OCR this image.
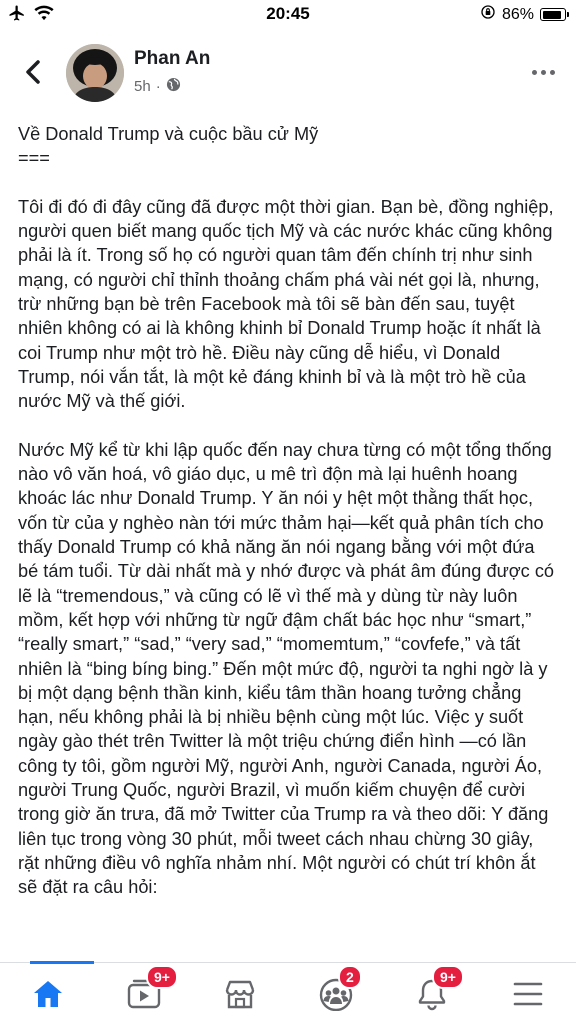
20:45	86%
Phan An
5h ·
Về Donald Trump và cuộc bầu cử Mỹ
===

Tôi đi đó đi đây cũng đã được một thời gian. Bạn bè, đồng nghiệp, người quen biết mang quốc tịch Mỹ và các nước khác cũng không phải là ít. Trong số họ có người quan tâm đến chính trị như sinh mạng, có người chỉ thỉnh thoảng chấm phá vài nét gọi là, nhưng, trừ những bạn bè trên Facebook mà tôi sẽ bàn đến sau, tuyệt nhiên không có ai là không khinh bỉ Donald Trump hoặc ít nhất là coi Trump như một trò hề. Điều này cũng dễ hiểu, vì Donald Trump, nói vắn tắt, là một kẻ đáng khinh bỉ và là một trò hề của nước Mỹ và thế giới.

Nước Mỹ kể từ khi lập quốc đến nay chưa từng có một tổng thống nào vô văn hoá, vô giáo dục, u mê trì độn mà lại huênh hoang khoác lác như Donald Trump. Y ăn nói y hệt một thằng thất học, vốn từ của y nghèo nàn tới mức thảm hại—kết quả phân tích cho thấy Donald Trump có khả năng ăn nói ngang bằng với một đứa bé tám tuổi. Từ dài nhất mà y nhớ được và phát âm đúng được có lẽ là “tremendous,” và cũng có lẽ vì thế mà y dùng từ này luôn mồm, kết hợp với những từ ngữ đậm chất bác học như “smart,” “really smart,” “sad,” “very sad,” “momemtum,” “covfefe,” và tất nhiên là “bing bíng bing.” Đến một mức độ, người ta nghi ngờ là y bị một dạng bệnh thần kinh, kiểu tâm thần hoang tưởng chẳng hạn, nếu không phải là bị nhiều bệnh cùng một lúc. Việc y suốt ngày gào thét trên Twitter là một triệu chứng điển hình —có lần công ty tôi, gồm người Mỹ, người Anh, người Canada, người Áo, người Trung Quốc, người Brazil, vì muốn kiếm chuyện để cười trong giờ ăn trưa, đã mở Twitter của Trump ra và theo dõi: Y đăng liên tục trong vòng 30 phút, mỗi tweet cách nhau chừng 30 giây, rặt những điều vô nghĩa nhảm nhí. Một người có chút trí khôn ắt sẽ đặt ra câu hỏi:

9+	2	9+
